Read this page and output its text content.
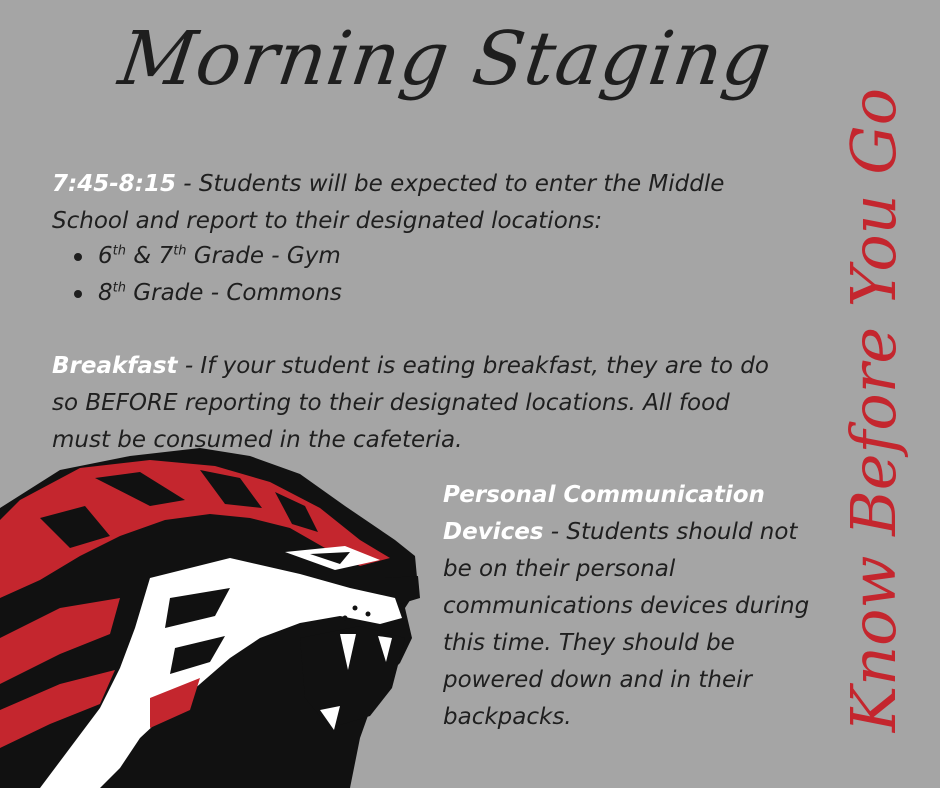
Morning Staging
Know Before You Go
7:45-8:15 - Students will be expected to enter the Middle School and report to their designated locations:
6th & 7th Grade - Gym
8th Grade - Commons
Breakfast - If your student is eating breakfast, they are to do so BEFORE reporting to their designated locations. All food must be consumed in the cafeteria.
Personal Communication Devices - Students should not be on their personal communications devices during this time. They should be powered down and in their backpacks.
